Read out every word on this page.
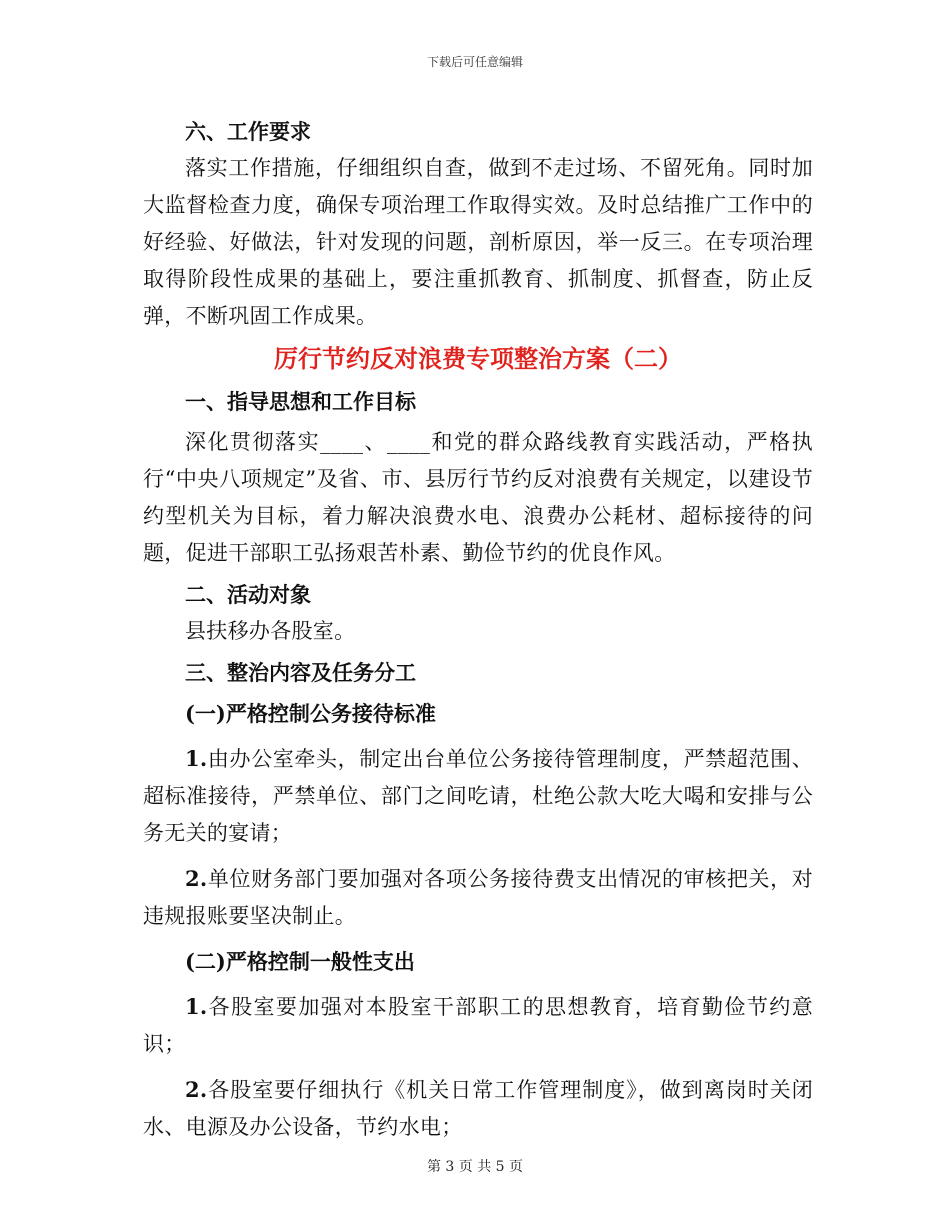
下载后可任意编辑

六、工作要求

落实工作措施，仔细组织自查，做到不走过场、不留死角。同时加大监督检查力度，确保专项治理工作取得实效。及时总结推广工作中的好经验、好做法，针对发现的问题，剖析原因，举一反三。在专项治理取得阶段性成果的基础上，要注重抓教育、抓制度、抓督查，防止反弹，不断巩固工作成果。

厉行节约反对浪费专项整治方案（二）

一、指导思想和工作目标

深化贯彻落实____、____和党的群众路线教育实践活动，严格执行“中央八项规定”及省、市、县厉行节约反对浪费有关规定，以建设节约型机关为目标，着力解决浪费水电、浪费办公耗材、超标接待的问题，促进干部职工弘扬艰苦朴素、勤俭节约的优良作风。

二、活动对象

县扶移办各股室。

三、整治内容及任务分工

(一)严格控制公务接待标准

1.由办公室牵头，制定出台单位公务接待管理制度，严禁超范围、超标准接待，严禁单位、部门之间吃请，杜绝公款大吃大喝和安排与公务无关的宴请；

2.单位财务部门要加强对各项公务接待费支出情况的审核把关，对违规报账要坚决制止。

(二)严格控制一般性支出

1.各股室要加强对本股室干部职工的思想教育，培育勤俭节约意识；

2.各股室要仔细执行《机关日常工作管理制度》，做到离岗时关闭水、电源及办公设备，节约水电；

第 3 页 共 5 页
